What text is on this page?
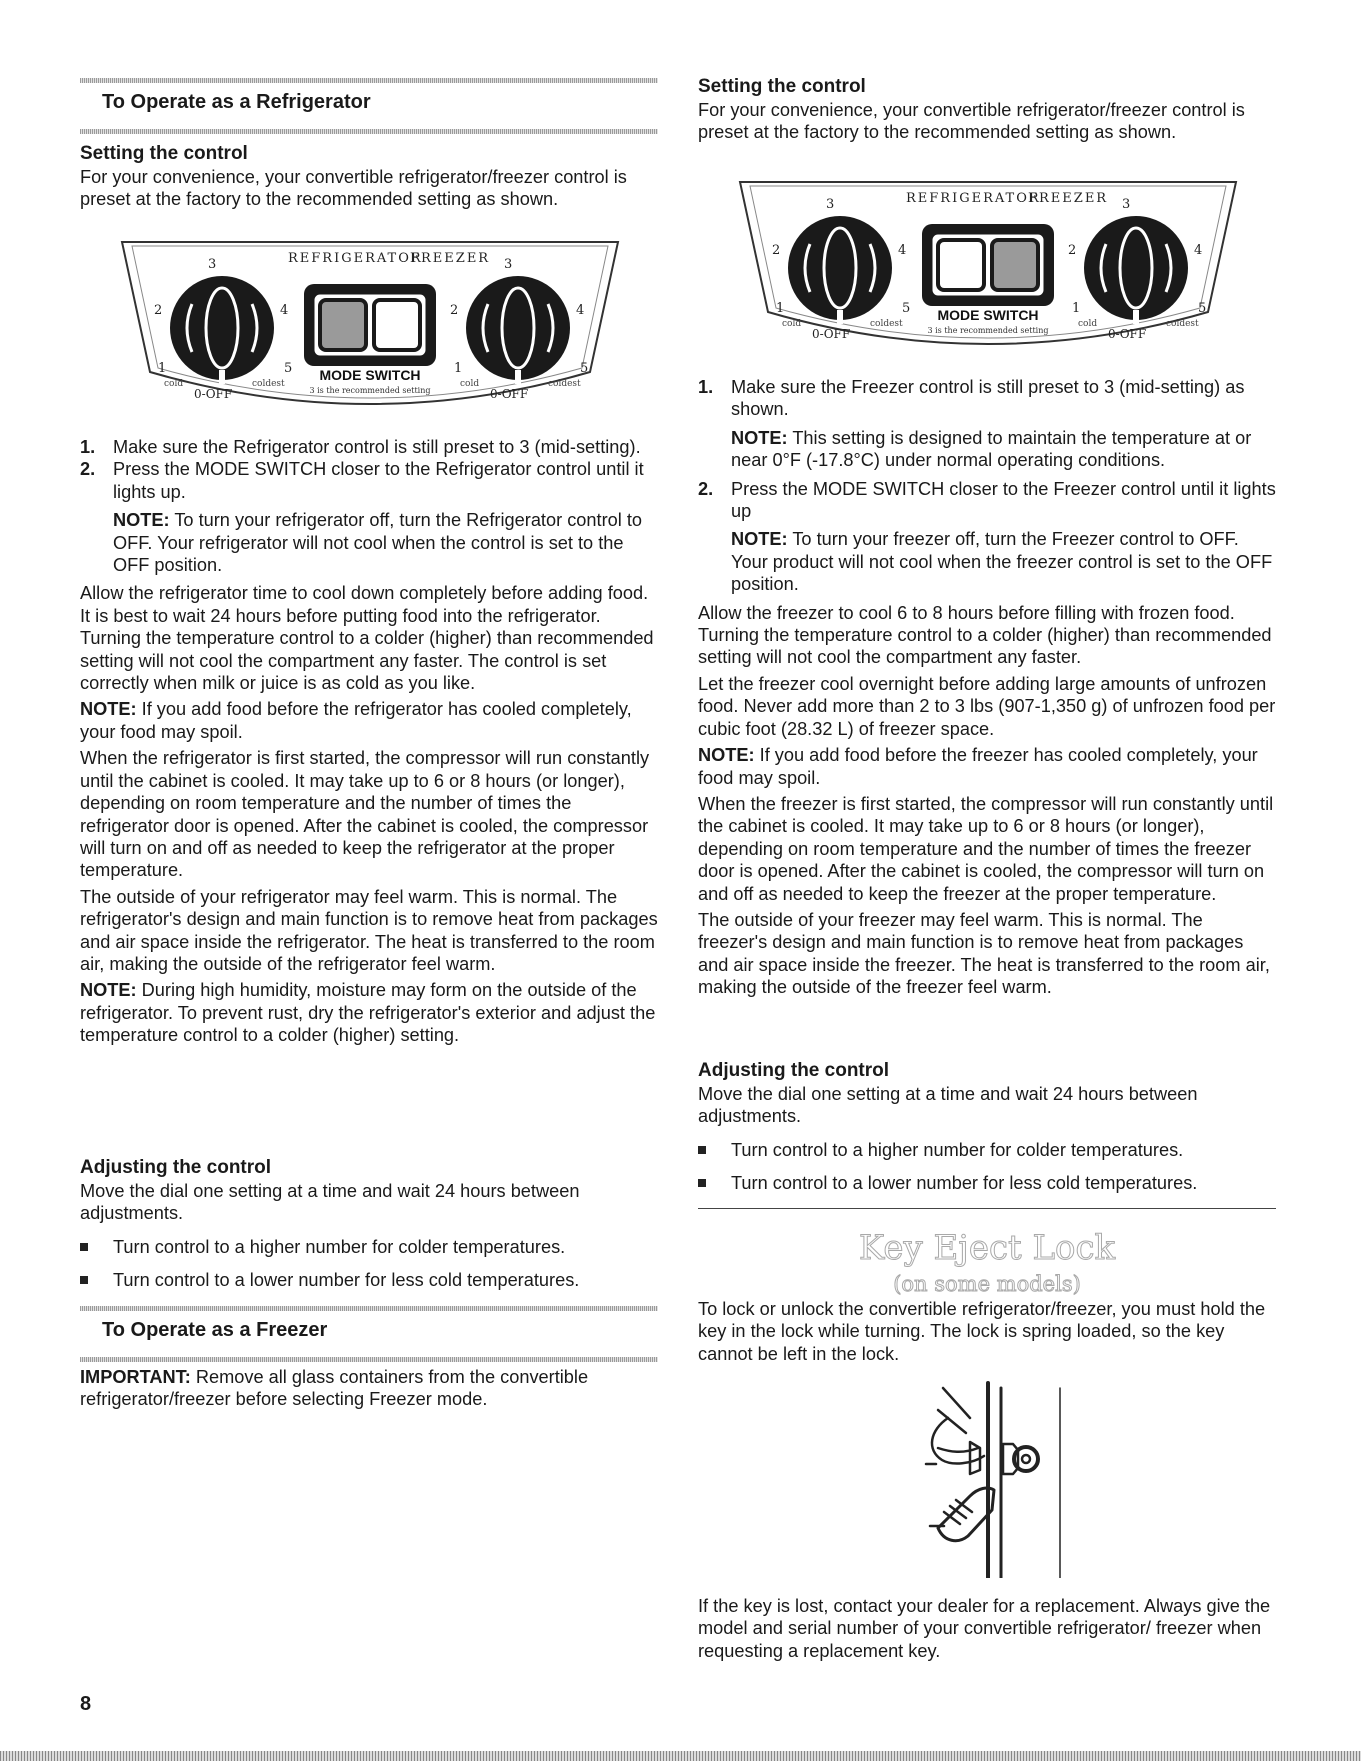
To Operate as a Refrigerator
Setting the control

For your convenience, your convertible refrigerator/freezer control is preset at the factory to the recommended setting as shown.

1
2
3
4
5
cold	coldest
0-OFF
1
2
3
4
5
cold	coldest
0-OFF
REFRIGERATOR
FREEZER
MODE SWITCH
3 is the recommended setting
1. Make sure the Refrigerator control is still preset to 3 (mid-setting).
2. Press the MODE SWITCH closer to the Refrigerator control until it lights up.

NOTE: To turn your refrigerator off, turn the Refrigerator control to OFF. Your refrigerator will not cool when the control is set to the OFF position.

Allow the refrigerator time to cool down completely before adding food. It is best to wait 24 hours before putting food into the refrigerator. Turning the temperature control to a colder (higher) than recommended setting will not cool the compartment any faster. The control is set correctly when milk or juice is as cold as you like.

NOTE: If you add food before the refrigerator has cooled completely, your food may spoil.

When the refrigerator is first started, the compressor will run constantly until the cabinet is cooled. It may take up to 6 or 8 hours (or longer), depending on room temperature and the number of times the refrigerator door is opened. After the cabinet is cooled, the compressor will turn on and off as needed to keep the refrigerator at the proper temperature.

The outside of your refrigerator may feel warm. This is normal. The refrigerator's design and main function is to remove heat from packages and air space inside the refrigerator. The heat is transferred to the room air, making the outside of the refrigerator feel warm.

NOTE: During high humidity, moisture may form on the outside of the refrigerator. To prevent rust, dry the refrigerator's exterior and adjust the temperature control to a colder (higher) setting.

Adjusting the control

Move the dial one setting at a time and wait 24 hours between adjustments.

Turn control to a higher number for colder temperatures.
Turn control to a lower number for less cold temperatures.
To Operate as a Freezer

IMPORTANT: Remove all glass containers from the convertible refrigerator/freezer before selecting Freezer mode.

Setting the control

For your convenience, your convertible refrigerator/freezer control is preset at the factory to the recommended setting as shown.

1
2
3
4
5
cold	coldest
0-OFF
1
2
3
4
5
cold	coldest
0-OFF
REFRIGERATOR
FREEZER
MODE SWITCH
3 is the recommended setting
1. Make sure the Freezer control is still preset to 3 (mid-setting) as shown.

NOTE: This setting is designed to maintain the temperature at or near 0°F (-17.8°C) under normal operating conditions.

2. Press the MODE SWITCH closer to the Freezer control until it lights up

NOTE: To turn your freezer off, turn the Freezer control to OFF. Your product will not cool when the freezer control is set to the OFF position.

Allow the freezer to cool 6 to 8 hours before filling with frozen food. Turning the temperature control to a colder (higher) than recommended setting will not cool the compartment any faster.

Let the freezer cool overnight before adding large amounts of unfrozen food. Never add more than 2 to 3 lbs (907-1,350 g) of unfrozen food per cubic foot (28.32 L) of freezer space.

NOTE: If you add food before the freezer has cooled completely, your food may spoil.

When the freezer is first started, the compressor will run constantly until the cabinet is cooled. It may take up to 6 or 8 hours (or longer), depending on room temperature and the number of times the freezer door is opened. After the cabinet is cooled, the compressor will turn on and off as needed to keep the freezer at the proper temperature.

The outside of your freezer may feel warm. This is normal. The freezer's design and main function is to remove heat from packages and air space inside the freezer. The heat is transferred to the room air, making the outside of the freezer feel warm.

Adjusting the control

Move the dial one setting at a time and wait 24 hours between adjustments.

Turn control to a higher number for colder temperatures.
Turn control to a lower number for less cold temperatures.
Key Eject Lock
(on some models)

To lock or unlock the convertible refrigerator/freezer, you must hold the key in the lock while turning. The lock is spring loaded, so the key cannot be left in the lock.

If the key is lost, contact your dealer for a replacement. Always give the model and serial number of your convertible refrigerator/ freezer when requesting a replacement key.

8
